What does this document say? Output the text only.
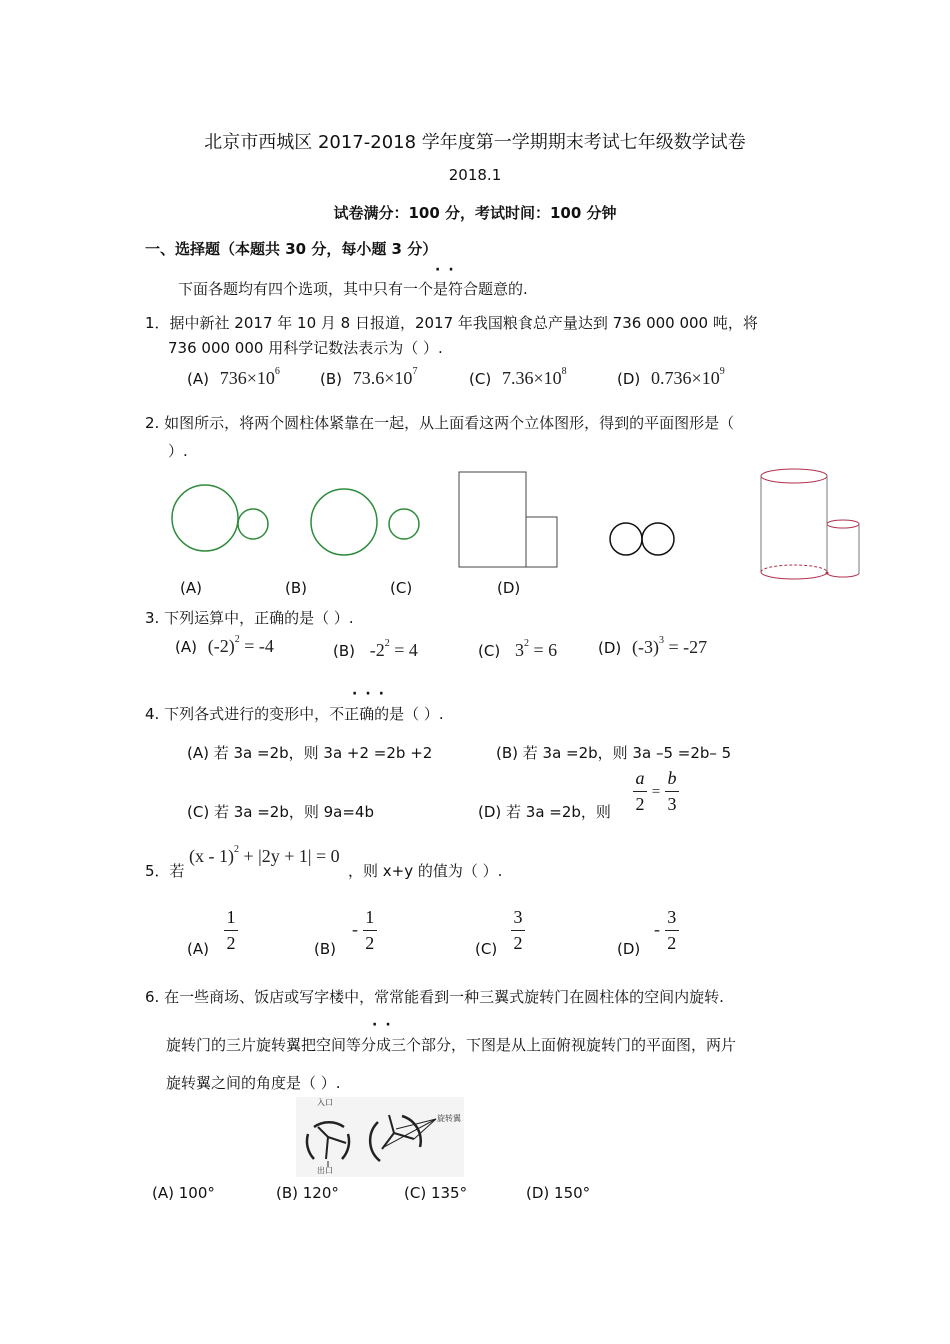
北京市西城区 2017-2018 学年度第一学期期末考试七年级数学试卷
2018.1
试卷满分：100 分，考试时间：100 分钟
一、选择题（本题共 30 分，每小题 3 分）
··
下面各题均有四个选项，其中只有一个是符合题意的.
1．据中新社 2017 年 10 月 8 日报道，2017 年我国粮食总产量达到 736 000 000 吨，将
736 000 000 用科学记数法表示为（ ）.
(A) $736\times 10^6$	(B) $73.6\times 10^7$	(C) $7.36\times 10^8$	(D) $0.736\times 10^9$
2. 如图所示，将两个圆柱体紧靠在一起，从上面看这两个立体图形，得到的平面图形是（
）.
(A)	(B)	(C)	(D)
3. 下列运算中，正确的是（ ）.
(A) $(-2)^2 = -4$	(B) $-2^2 = 4$	(C) $3^2 = 6$	(D) $(-3)^3 = -27$
···
4. 下列各式进行的变形中，不正确的是（ ）.
(A) 若 3a =2b，则 3a +2 =2b +2	(B) 若 3a =2b，则 3a –5 =2b– 5
(C) 若 3a =2b，则 9a=4b	(D) 若 3a =2b，则 $\frac{a}{2} = \frac{b}{3}$
5．若
(x - 1)$^2$ + |2y + 1| = 0
，则 x+y 的值为（ ）.
$(A) \frac{1}{2}$	(B)
- $\frac{1}{2}$	$(C) \frac{3}{2}$	(D)
- $\frac{3}{2}$
6. 在一些商场、饭店或写字楼中，常常能看到一种三翼式旋转门在圆柱体的空间内旋转.
··
旋转门的三片旋转翼把空间等分成三个部分，下图是从上面俯视旋转门的平面图，两片
旋转翼之间的角度是（ ）.
入口
出口
旋转翼
(A) 100°	(B) 120°	(C) 135°	(D) 150°
